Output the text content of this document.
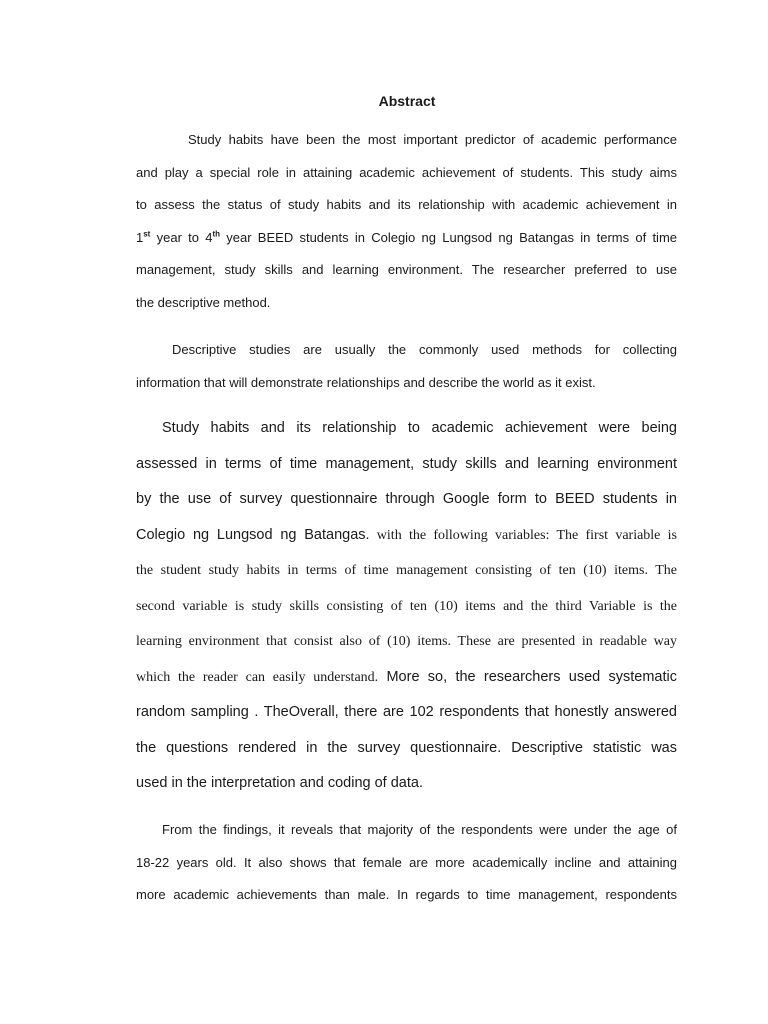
Abstract
Study habits have been the most important predictor of academic performance
and play a special role in attaining academic achievement of students. This study aims
to assess the status of study habits and its relationship with academic achievement in
1st year to 4th year BEED students in Colegio ng Lungsod ng Batangas in terms of time
management, study skills and learning environment. The researcher preferred to use
the descriptive method.
Descriptive studies are usually the commonly used methods for collecting
information that will demonstrate relationships and describe the world as it exist.
Study habits and its relationship to academic achievement were being
assessed in terms of time management, study skills and learning environment
by the use of survey questionnaire through Google form to BEED students in
Colegio ng Lungsod ng Batangas. with the following variables: The first variable is
the student study habits in terms of time management consisting of ten (10) items. The
second variable is study skills consisting of ten (10) items and the third Variable is the
learning environment that consist also of (10) items. These are presented in readable way
which the reader can easily understand. More so, the researchers used systematic
random sampling . TheOverall, there are 102 respondents that honestly answered
the questions rendered in the survey questionnaire. Descriptive statistic was
used in the interpretation and coding of data.
From the findings, it reveals that majority of the respondents were under the age of
18-22 years old. It also shows that female are more academically incline and attaining
more academic achievements than male. In regards to time management, respondents
